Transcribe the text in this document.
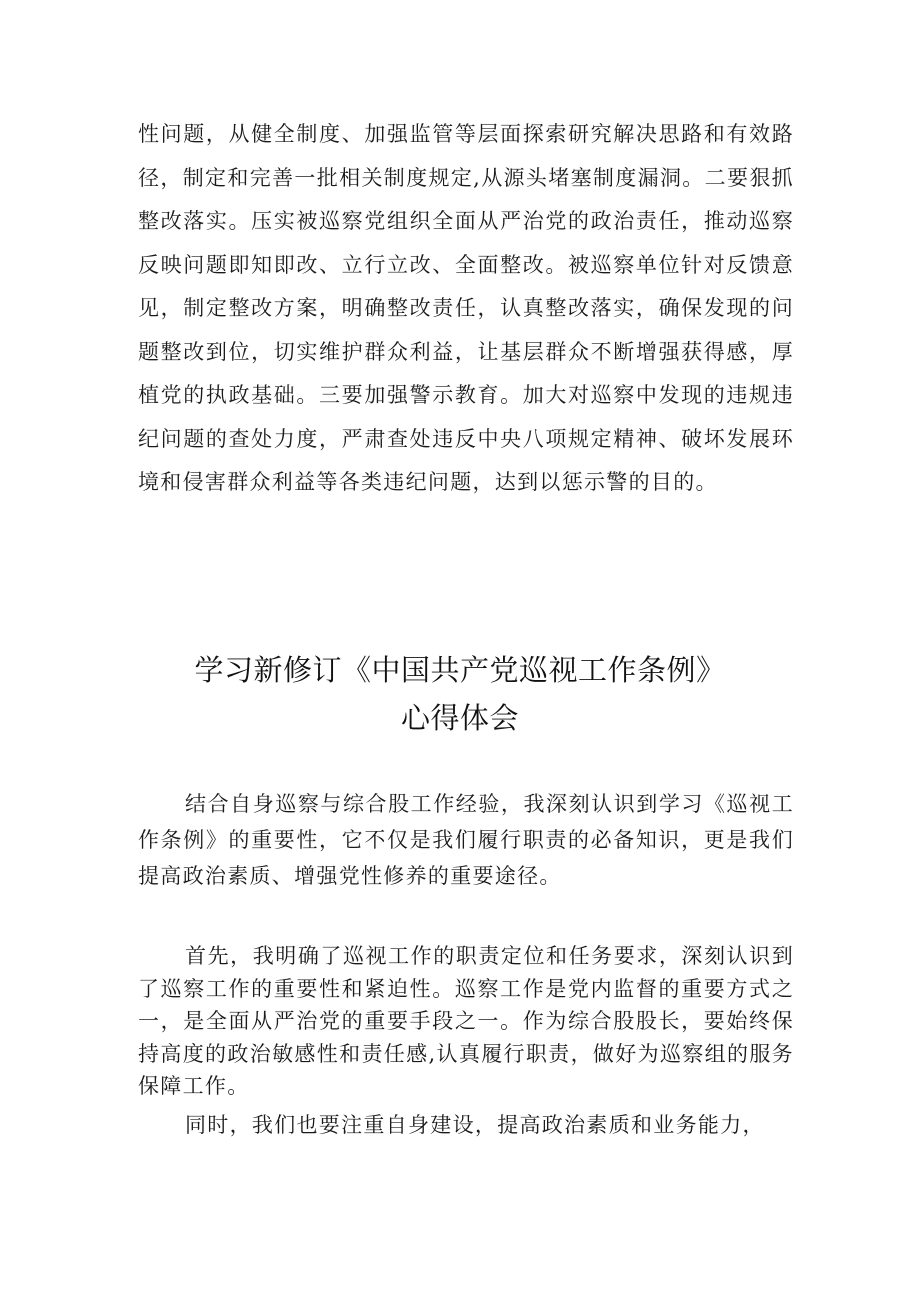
性问题，从健全制度、加强监管等层面探索研究解决思路和有效路径，制定和完善一批相关制度规定,从源头堵塞制度漏洞。二要狠抓整改落实。压实被巡察党组织全面从严治党的政治责任，推动巡察反映问题即知即改、立行立改、全面整改。被巡察单位针对反馈意见，制定整改方案，明确整改责任，认真整改落实，确保发现的问题整改到位，切实维护群众利益，让基层群众不断增强获得感，厚植党的执政基础。三要加强警示教育。加大对巡察中发现的违规违纪问题的查处力度，严肃查处违反中央八项规定精神、破坏发展环境和侵害群众利益等各类违纪问题，达到以惩示警的目的。

学习新修订《中国共产党巡视工作条例》
心得体会

结合自身巡察与综合股工作经验，我深刻认识到学习《巡视工作条例》的重要性，它不仅是我们履行职责的必备知识，更是我们提高政治素质、增强党性修养的重要途径。

首先，我明确了巡视工作的职责定位和任务要求，深刻认识到了巡察工作的重要性和紧迫性。巡察工作是党内监督的重要方式之一，是全面从严治党的重要手段之一。作为综合股股长，要始终保持高度的政治敏感性和责任感,认真履行职责，做好为巡察组的服务保障工作。

同时，我们也要注重自身建设，提高政治素质和业务能力，
